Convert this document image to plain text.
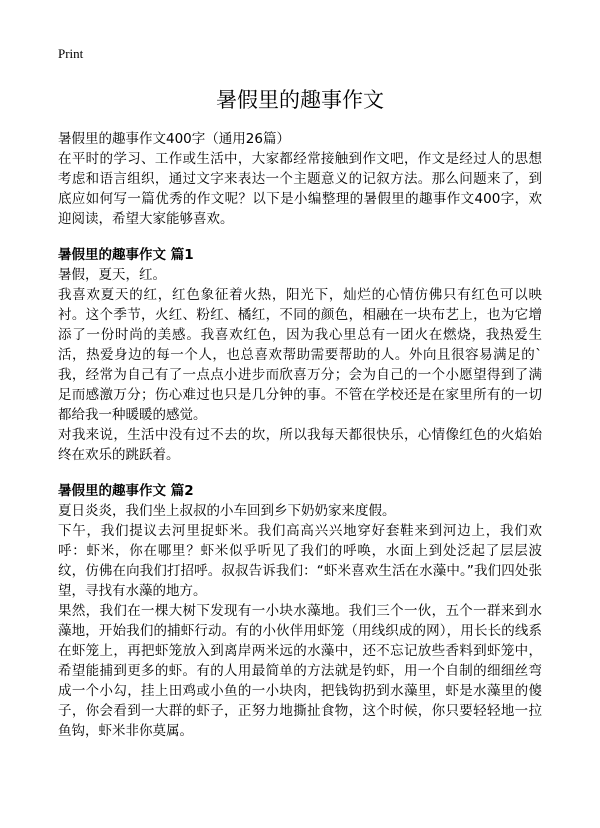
Print
暑假里的趣事作文
暑假里的趣事作文400字（通用26篇）

在平时的学习、工作或生活中，大家都经常接触到作文吧，作文是经过人的思想考虑和语言组织，通过文字来表达一个主题意义的记叙方法。那么问题来了，到底应如何写一篇优秀的作文呢？以下是小编整理的暑假里的趣事作文400字，欢迎阅读，希望大家能够喜欢。

暑假里的趣事作文 篇1

暑假，夏天，红。

我喜欢夏天的红，红色象征着火热，阳光下，灿烂的心情仿佛只有红色可以映衬。这个季节，火红、粉红、橘红，不同的颜色，相融在一块布艺上，也为它增添了一份时尚的美感。我喜欢红色，因为我心里总有一团火在燃烧，我热爱生活，热爱身边的每一个人，也总喜欢帮助需要帮助的人。外向且很容易满足的`我，经常为自己有了一点点小进步而欣喜万分；会为自己的一个小愿望得到了满足而感激万分；伤心难过也只是几分钟的事。不管在学校还是在家里所有的一切都给我一种暖暖的感觉。

对我来说，生活中没有过不去的坎，所以我每天都很快乐，心情像红色的火焰始终在欢乐的跳跃着。

暑假里的趣事作文 篇2

夏日炎炎，我们坐上叔叔的小车回到乡下奶奶家来度假。

下午，我们提议去河里捉虾米。我们高高兴兴地穿好套鞋来到河边上，我们欢呼：虾米，你在哪里？虾米似乎听见了我们的呼唤，水面上到处泛起了层层波纹，仿佛在向我们打招呼。叔叔告诉我们：“虾米喜欢生活在水藻中。”我们四处张望，寻找有水藻的地方。

果然，我们在一棵大树下发现有一小块水藻地。我们三个一伙，五个一群来到水藻地，开始我们的捕虾行动。有的小伙伴用虾笼（用线织成的网），用长长的线系在虾笼上，再把虾笼放入到离岸两米远的水藻中，还不忘记放些香料到虾笼中，希望能捕到更多的虾。有的人用最简单的方法就是钓虾，用一个自制的细细丝弯成一个小勾，挂上田鸡或小鱼的一小块肉，把钱钩扔到水藻里，虾是水藻里的傻子，你会看到一大群的虾子，正努力地撕扯食物，这个时候，你只要轻轻地一拉鱼钩，虾米非你莫属。
